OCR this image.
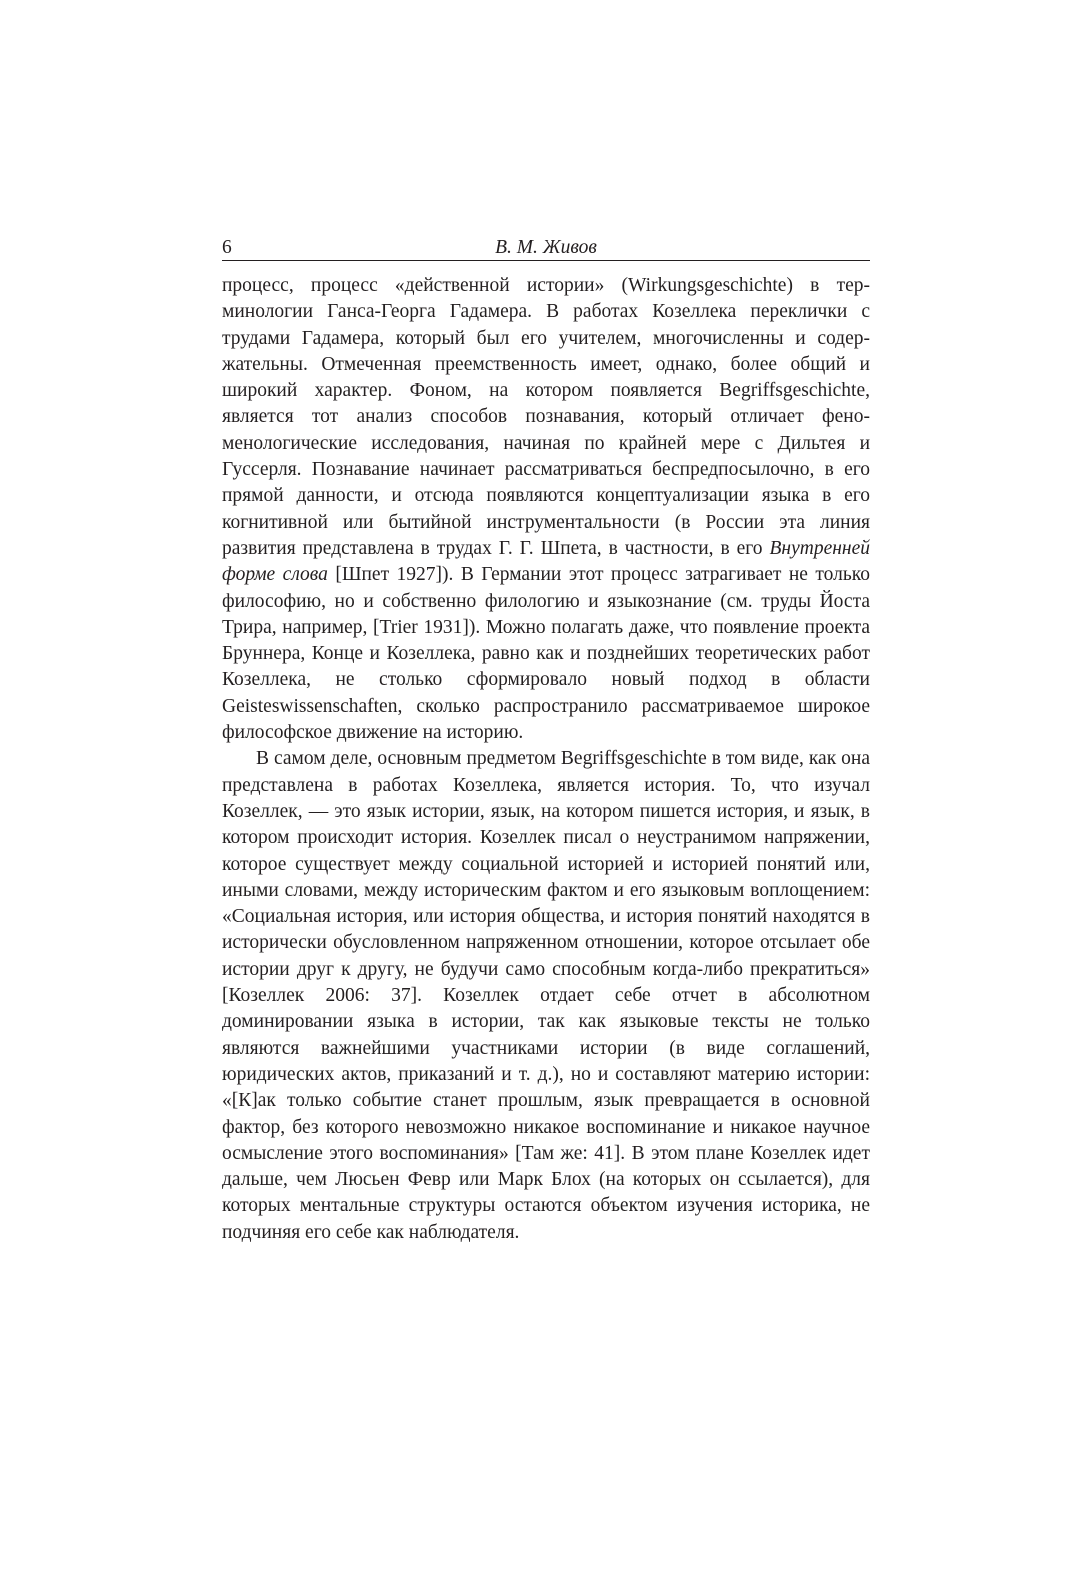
6	В. М. Живов

процесс, процесс «действенной истории» (Wirkungsgeschichte) в терминологии Ганса-Георга Гадамера. В работах Козеллека переклички с трудами Гадамера, который был его учителем, многочисленны и содержательны. Отмеченная преемственность имеет, однако, более общий и широкий характер. Фоном, на котором появляется Begriffsgeschichte, является тот анализ способов познавания, который отличает феноменологические исследования, начиная по крайней мере с Дильтея и Гуссерля. Познавание начинает рассматриваться беспредпосылочно, в его прямой данности, и отсюда появляются концептуализации языка в его когнитивной или бытийной инструментальности (в России эта линия развития представлена в трудах Г. Г. Шпета, в частности, в его Внутренней форме слова [Шпет 1927]). В Германии этот процесс затрагивает не только философию, но и собственно филологию и языкознание (см. труды Йоста Трира, например, [Trier 1931]). Можно полагать даже, что появление проекта Бруннера, Конце и Козеллека, равно как и позднейших теоретических работ Козеллека, не столько сформировало новый подход в области Geisteswissenschaften, сколько распространило рассматриваемое широкое философское движение на историю.

В самом деле, основным предметом Begriffsgeschichte в том виде, как она представлена в работах Козеллека, является история. То, что изучал Козеллек, — это язык истории, язык, на котором пишется история, и язык, в котором происходит история. Козеллек писал о неустранимом напряжении, которое существует между социальной историей и историей понятий или, иными словами, между историческим фактом и его языковым воплощением: «Социальная история, или история общества, и история понятий находятся в исторически обусловленном напряженном отношении, которое отсылает обе истории друг к другу, не будучи само способным когда-либо прекратиться» [Козеллек 2006: 37]. Козеллек отдает себе отчет в абсолютном доминировании языка в истории, так как языковые тексты не только являются важнейшими участниками истории (в виде соглашений, юридических актов, приказаний и т. д.), но и составляют материю истории: «[К]ак только событие станет прошлым, язык превращается в основной фактор, без которого невозможно никакое воспоминание и никакое научное осмысление этого воспоминания» [Там же: 41]. В этом плане Козеллек идет дальше, чем Люсьен Февр или Марк Блох (на которых он ссылается), для которых ментальные структуры остаются объектом изучения историка, не подчиняя его себе как наблюдателя.
